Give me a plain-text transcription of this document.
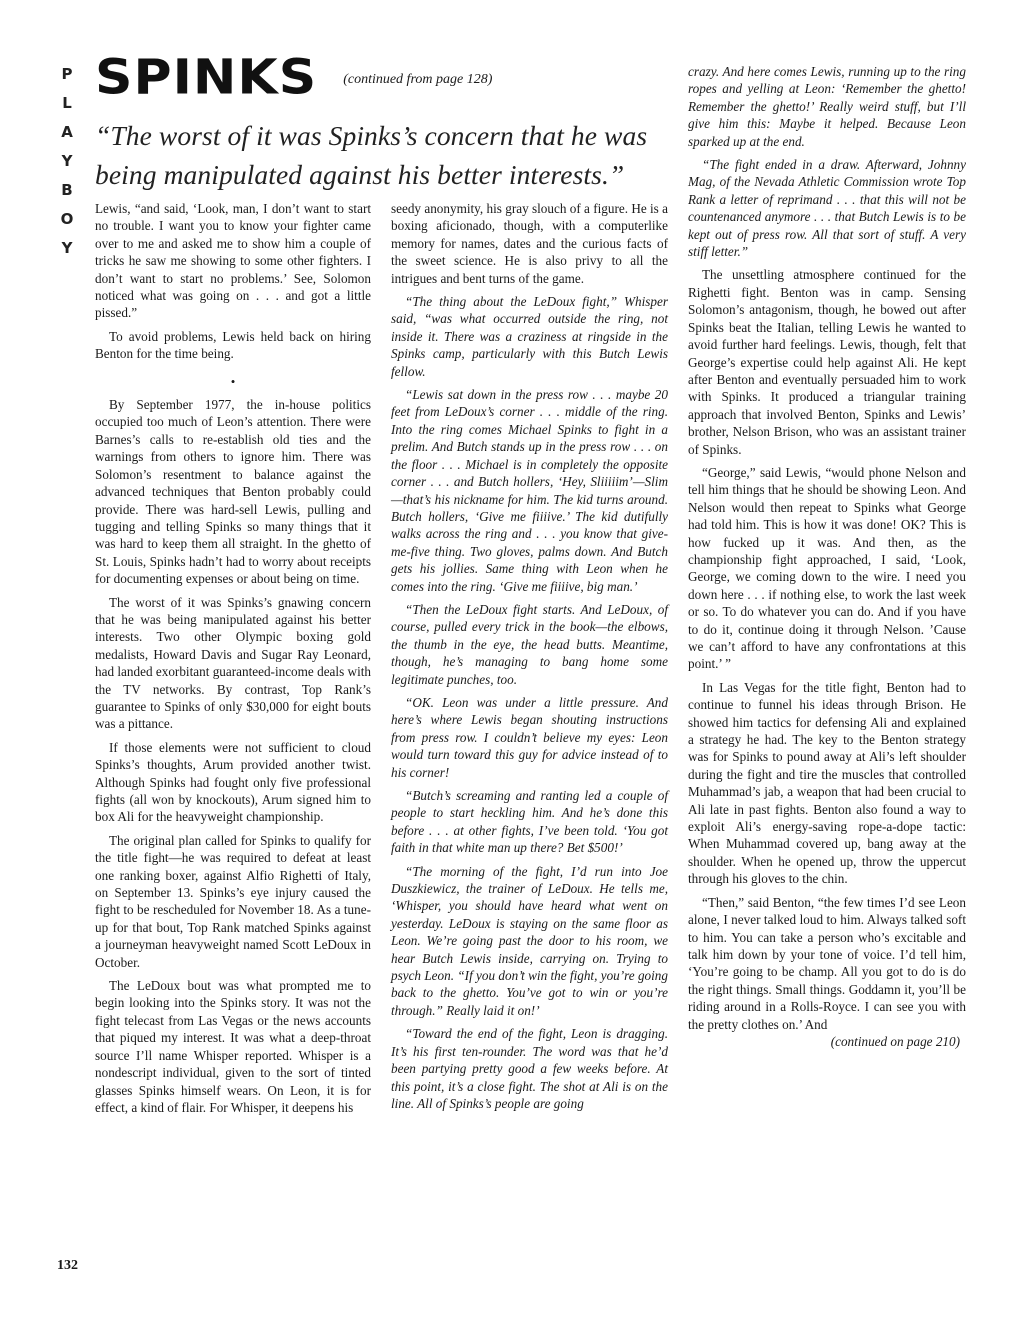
P
L
A
Y
B
O
Y
SPINKS (continued from page 128)
“The worst of it was Spinks’s concern that he was being manipulated against his better interests.”

Lewis, “and said, ‘Look, man, I don’t want to start no trouble. I want you to know your fighter came over to me and asked me to show him a couple of tricks he saw me showing to some other fighters. I don’t want to start no problems.’ See, Solomon noticed what was going on . . . and got a little pissed.”

To avoid problems, Lewis held back on hiring Benton for the time being.

•

By September 1977, the in-house politics occupied too much of Leon’s attention. There were Barnes’s calls to re-establish old ties and the warnings from others to ignore him. There was Solomon’s resentment to balance against the advanced techniques that Benton probably could provide. There was hard-sell Lewis, pulling and tugging and telling Spinks so many things that it was hard to keep them all straight. In the ghetto of St. Louis, Spinks hadn’t had to worry about receipts for documenting expenses or about being on time.

The worst of it was Spinks’s gnawing concern that he was being manipulated against his better interests. Two other Olympic boxing gold medalists, Howard Davis and Sugar Ray Leonard, had landed exorbitant guaranteed-income deals with the TV networks. By contrast, Top Rank’s guarantee to Spinks of only $30,000 for eight bouts was a pittance.

If those elements were not sufficient to cloud Spinks’s thoughts, Arum provided another twist. Although Spinks had fought only five professional fights (all won by knockouts), Arum signed him to box Ali for the heavyweight championship.

The original plan called for Spinks to qualify for the title fight—he was required to defeat at least one ranking boxer, against Alfio Righetti of Italy, on September 13. Spinks’s eye injury caused the fight to be rescheduled for November 18. As a tune-up for that bout, Top Rank matched Spinks against a journeyman heavyweight named Scott LeDoux in October.

The LeDoux bout was what prompted me to begin looking into the Spinks story. It was not the fight telecast from Las Vegas or the news accounts that piqued my interest. It was what a deep-throat source I’ll name Whisper reported. Whisper is a nondescript individual, given to the sort of tinted glasses Spinks himself wears. On Leon, it is for effect, a kind of flair. For Whisper, it deepens his

seedy anonymity, his gray slouch of a figure. He is a boxing aficionado, though, with a computerlike memory for names, dates and the curious facts of the sweet science. He is also privy to all the intrigues and bent turns of the game.

“The thing about the LeDoux fight,” Whisper said, “was what occurred outside the ring, not inside it. There was a craziness at ringside in the Spinks camp, particularly with this Butch Lewis fellow.

“Lewis sat down in the press row . . . maybe 20 feet from LeDoux’s corner . . . middle of the ring. Into the ring comes Michael Spinks to fight in a prelim. And Butch stands up in the press row . . . on the floor . . . Michael is in completely the opposite corner . . . and Butch hollers, ‘Hey, Sliiiiim’—Slim—that’s his nickname for him. The kid turns around. Butch hollers, ‘Give me fiiiive.’ The kid dutifully walks across the ring and . . . you know that give-me-five thing. Two gloves, palms down. And Butch gets his jollies. Same thing with Leon when he comes into the ring. ‘Give me fiiiive, big man.’

“Then the LeDoux fight starts. And LeDoux, of course, pulled every trick in the book—the elbows, the thumb in the eye, the head butts. Meantime, though, he’s managing to bang home some legitimate punches, too.

“OK. Leon was under a little pressure. And here’s where Lewis began shouting instructions from press row. I couldn’t believe my eyes: Leon would turn toward this guy for advice instead of to his corner!

“Butch’s screaming and ranting led a couple of people to start heckling him. And he’s done this before . . . at other fights, I’ve been told. ‘You got faith in that white man up there? Bet $500!’

“The morning of the fight, I’d run into Joe Duszkiewicz, the trainer of LeDoux. He tells me, ‘Whisper, you should have heard what went on yesterday. LeDoux is staying on the same floor as Leon. We’re going past the door to his room, we hear Butch Lewis inside, carrying on. Trying to psych Leon. “If you don’t win the fight, you’re going back to the ghetto. You’ve got to win or you’re through.” Really laid it on!’

“Toward the end of the fight, Leon is dragging. It’s his first ten-rounder. The word was that he’d been partying pretty good a few weeks before. At this point, it’s a close fight. The shot at Ali is on the line. All of Spinks’s people are going

crazy. And here comes Lewis, running up to the ring ropes and yelling at Leon: ‘Remember the ghetto! Remember the ghetto!’ Really weird stuff, but I’ll give him this: Maybe it helped. Because Leon sparked up at the end.

“The fight ended in a draw. Afterward, Johnny Mag, of the Nevada Athletic Commission wrote Top Rank a letter of reprimand . . . that this will not be countenanced anymore . . . that Butch Lewis is to be kept out of press row. All that sort of stuff. A very stiff letter.”

The unsettling atmosphere continued for the Righetti fight. Benton was in camp. Sensing Solomon’s antagonism, though, he bowed out after Spinks beat the Italian, telling Lewis he wanted to avoid further hard feelings. Lewis, though, felt that George’s expertise could help against Ali. He kept after Benton and eventually persuaded him to work with Spinks. It produced a triangular training approach that involved Benton, Spinks and Lewis’ brother, Nelson Brison, who was an assistant trainer of Spinks.

“George,” said Lewis, “would phone Nelson and tell him things that he should be showing Leon. And Nelson would then repeat to Spinks what George had told him. This is how it was done! OK? This is how fucked up it was. And then, as the championship fight approached, I said, ‘Look, George, we coming down to the wire. I need you down here . . . if nothing else, to work the last week or so. To do whatever you can do. And if you have to do it, continue doing it through Nelson. ’Cause we can’t afford to have any confrontations at this point.’ ”

In Las Vegas for the title fight, Benton had to continue to funnel his ideas through Brison. He showed him tactics for defensing Ali and explained a strategy he had. The key to the Benton strategy was for Spinks to pound away at Ali’s left shoulder during the fight and tire the muscles that controlled Muhammad’s jab, a weapon that had been crucial to Ali late in past fights. Benton also found a way to exploit Ali’s energy-saving rope-a-dope tactic: When Muhammad covered up, bang away at the shoulder. When he opened up, throw the uppercut through his gloves to the chin.

“Then,” said Benton, “the few times I’d see Leon alone, I never talked loud to him. Always talked soft to him. You can take a person who’s excitable and talk him down by your tone of voice. I’d tell him, ‘You’re going to be champ. All you got to do is do the right things. Small things. Goddamn it, you’ll be riding around in a Rolls-Royce. I can see you with the pretty clothes on.’ And

(continued on page 210)
132
